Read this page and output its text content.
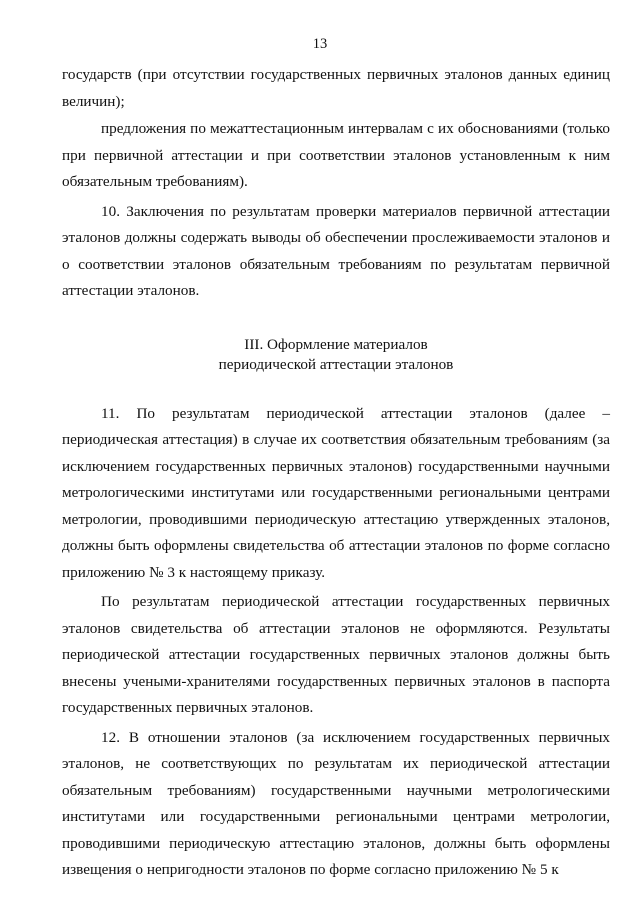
13

государств (при отсутствии государственных первичных эталонов данных единиц величин);

предложения по межаттестационным интервалам с их обоснованиями (только при первичной аттестации и при соответствии эталонов установленным к ним обязательным требованиям).

10. Заключения по результатам проверки материалов первичной аттестации эталонов должны содержать выводы об обеспечении прослеживаемости эталонов и о соответствии эталонов обязательным требованиям по результатам первичной аттестации эталонов.

III. Оформление материалов
периодической аттестации эталонов

11. По результатам периодической аттестации эталонов (далее – периодическая аттестация) в случае их соответствия обязательным требованиям (за исключением государственных первичных эталонов) государственными научными метрологическими институтами или государственными региональными центрами метрологии, проводившими периодическую аттестацию утвержденных эталонов, должны быть оформлены свидетельства об аттестации эталонов по форме согласно приложению № 3 к настоящему приказу.

По результатам периодической аттестации государственных первичных эталонов свидетельства об аттестации эталонов не оформляются. Результаты периодической аттестации государственных первичных эталонов должны быть внесены учеными-хранителями государственных первичных эталонов в паспорта государственных первичных эталонов.

12. В отношении эталонов (за исключением государственных первичных эталонов, не соответствующих по результатам их периодической аттестации обязательным требованиям) государственными научными метрологическими институтами или государственными региональными центрами метрологии, проводившими периодическую аттестацию эталонов, должны быть оформлены извещения о непригодности эталонов по форме согласно приложению № 5 к
